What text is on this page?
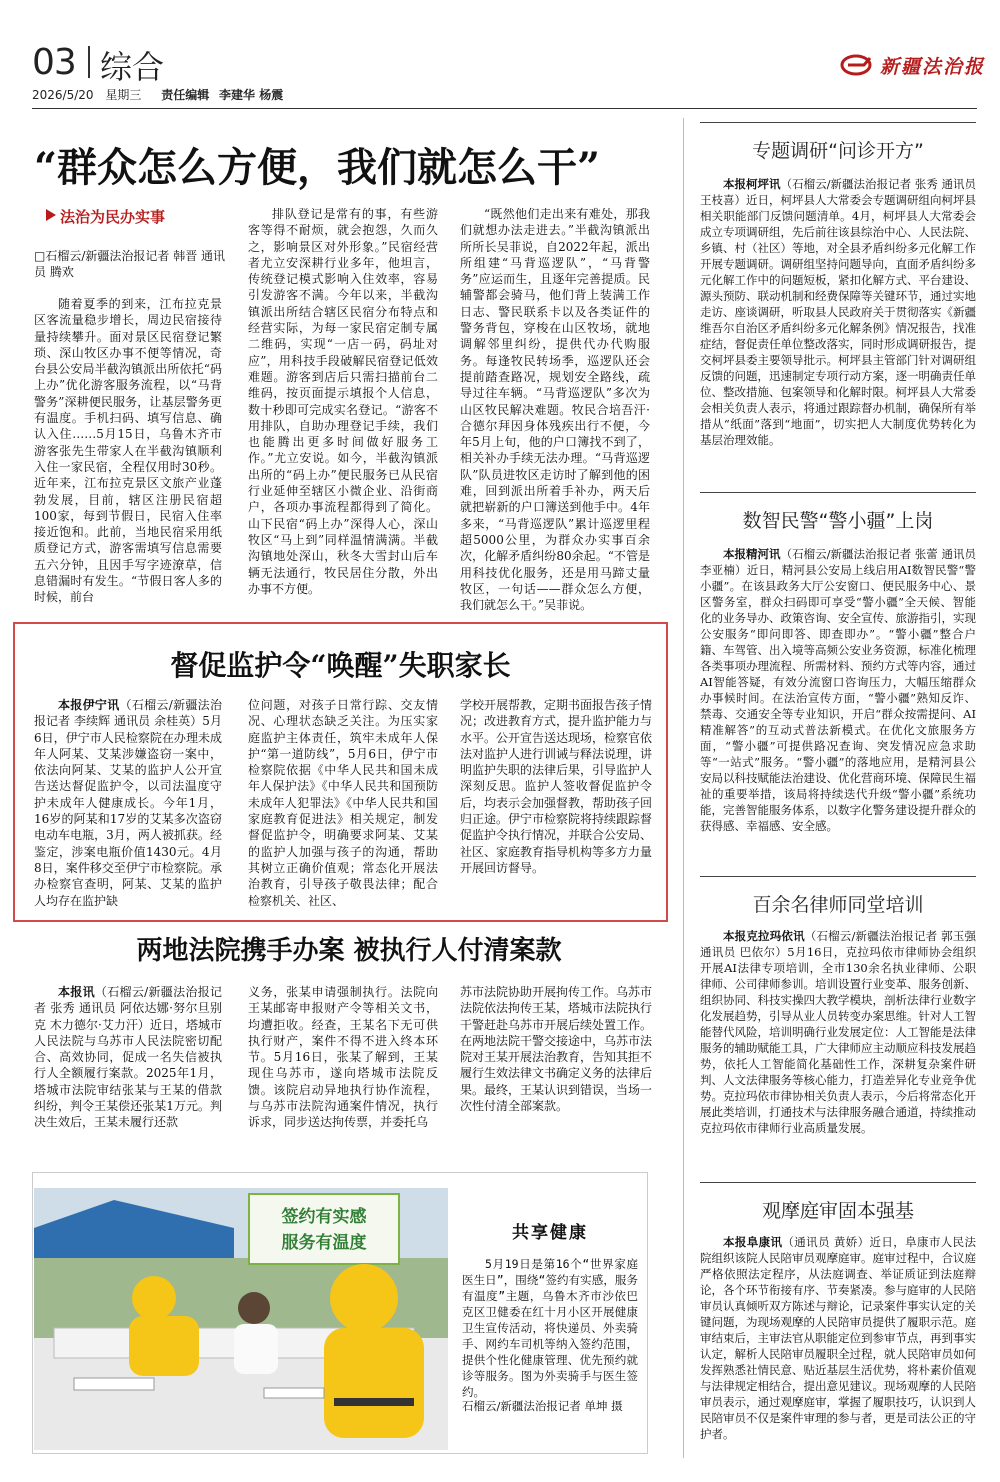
03 综合
2026/5/20 星期三 责任编辑 李建华 杨震
新疆法治报
“群众怎么方便，我们就怎么干”
法治为民办实事
□石榴云/新疆法治报记者 韩晋 通讯员 腾欢
随着夏季的到来，江布拉克景区客流量稳步增长，周边民宿接待量持续攀升。面对景区民宿登记繁琐、深山牧区办事不便等情况，奇台县公安局半截沟镇派出所依托“码上办”优化游客服务流程，以“马背警务”深耕便民服务，让基层警务更有温度。手机扫码、填写信息、确认入住……5月15日，乌鲁木齐市游客张先生带家人在半截沟镇顺利入住一家民宿，全程仅用时30秒。近年来，江布拉克景区文旅产业蓬勃发展，目前，辖区注册民宿超100家，每到节假日，民宿入住率接近饱和。此前，当地民宿采用纸质登记方式，游客需填写信息需要五六分钟，且因手写字迹潦草，信息错漏时有发生。“节假日客人多的时候，前台
排队登记是常有的事，有些游客等得不耐烦，就会抱怨，久而久之，影响景区对外形象。”民宿经营者尤立安深耕行业多年，他坦言，传统登记模式影响入住效率，容易引发游客不满。今年以来，半截沟镇派出所结合辖区民宿分布特点和经营实际，为每一家民宿定制专属二维码，实现“一店一码，码址对应”，用科技手段破解民宿登记低效难题。游客到店后只需扫描前台二维码，按页面提示填报个人信息，数十秒即可完成实名登记。“游客不用排队，自助办理登记手续，我们也能腾出更多时间做好服务工作。”尤立安说。如今，半截沟镇派出所的“码上办”便民服务已从民宿行业延伸至辖区小微企业、沿街商户，各项办事流程都得到了简化。山下民宿“码上办”深得人心，深山牧区“马上到”同样温情满满。半截沟镇地处深山，秋冬大雪封山后车辆无法通行，牧民居住分散，外出办事不方便。
“既然他们走出来有难处，那我们就想办法走进去。”半截沟镇派出所所长吴菲说，自2022年起，派出所组建“马背巡逻队”，“马背警务”应运而生，且逐年完善提质。民辅警都会骑马，他们背上装满工作日志、警民联系卡以及各类证件的警务背包，穿梭在山区牧场，就地调解邻里纠纷，提供代办代购服务。每逢牧民转场季，巡逻队还会提前踏查路况，规划安全路线，疏导过往车辆。“马背巡逻队”多次为山区牧民解决难题。牧民合培吾汗·合德尔拜因身体残疾出行不便，今年5月上旬，他的户口簿找不到了，相关补办手续无法办理。“马背巡逻队”队员进牧区走访时了解到他的困难，回到派出所着手补办，两天后就把崭新的户口簿送到他手中。4年多来，“马背巡逻队”累计巡逻里程超5000公里，为群众办实事百余次，化解矛盾纠纷80余起。“不管是用科技优化服务，还是用马蹄丈量牧区，一句话——群众怎么方便，我们就怎么干。”吴菲说。
督促监护令“唤醒”失职家长
本报伊宁讯（石榴云/新疆法治报记者 李续辉 通讯员 余桂英）5月6日，伊宁市人民检察院在办理未成年人阿某、艾某涉嫌盗窃一案中，依法向阿某、艾某的监护人公开宣告送达督促监护令，以司法温度守护未成年人健康成长。今年1月，16岁的阿某和17岁的艾某多次盗窃电动车电瓶，3月，两人被抓获。经鉴定，涉案电瓶价值1430元。4月8日，案件移交至伊宁市检察院。承办检察官查明，阿某、艾某的监护人均存在监护缺
位问题，对孩子日常行踪、交友情况、心理状态缺乏关注。为压实家庭监护主体责任，筑牢未成年人保护“第一道防线”，5月6日，伊宁市检察院依据《中华人民共和国未成年人保护法》《中华人民共和国预防未成年人犯罪法》《中华人民共和国家庭教育促进法》相关规定，制发督促监护令，明确要求阿某、艾某的监护人加强与孩子的沟通，帮助其树立正确价值观；常态化开展法治教育，引导孩子敬畏法律；配合检察机关、社区、
学校开展帮教，定期书面报告孩子情况；改进教育方式，提升监护能力与水平。公开宣告送达现场，检察官依法对监护人进行训诫与释法说理，讲明监护失职的法律后果，引导监护人深刻反思。监护人签收督促监护令后，均表示会加强督教，帮助孩子回归正途。伊宁市检察院将持续跟踪督促监护令执行情况，并联合公安局、社区、家庭教育指导机构等多方力量开展回访督导。
两地法院携手办案 被执行人付清案款
本报讯（石榴云/新疆法治报记者 张秀 通讯员 阿依达娜·努尔旦别克 木力德尔·艾力汗）近日，塔城市人民法院与乌苏市人民法院密切配合、高效协同，促成一名失信被执行人全额履行案款。2025年1月，塔城市法院审结张某与王某的借款纠纷，判令王某偿还张某1万元。判决生效后，王某未履行还款
义务，张某申请强制执行。法院向王某邮寄申报财产令等相关文书，均遭拒收。经查，王某名下无可供执行财产，案件不得不进入终本环节。5月16日，张某了解到，王某现住乌苏市，遂向塔城市法院反馈。该院启动异地执行协作流程，与乌苏市法院沟通案件情况，执行诉求，同步送达拘传票，并委托乌
苏市法院协助开展拘传工作。乌苏市法院依法拘传王某，塔城市法院执行干警赶赴乌苏市开展后续处置工作。在两地法院干警交接途中，乌苏市法院对王某开展法治教育，告知其拒不履行生效法律文书确定义务的法律后果。最终，王某认识到错误，当场一次性付清全部案款。
签约有实感
服务有温度	共享健康
5月19日是第16个“世界家庭医生日”，围绕“签约有实感，服务有温度”主题，乌鲁木齐市沙依巴克区卫健委在红十月小区开展健康卫生宣传活动，将快递员、外卖骑手、网约车司机等纳入签约范围，提供个性化健康管理、优先预约就诊等服务。图为外卖骑手与医生签约。
石榴云/新疆法治报记者 单坤 摄
专题调研“问诊开方”
本报柯坪讯（石榴云/新疆法治报记者 张秀 通讯员 王枝喜）近日，柯坪县人大常委会专题调研组向柯坪县相关职能部门反馈问题清单。4月，柯坪县人大常委会成立专项调研组，先后前往该县综治中心、人民法院、乡镇、村（社区）等地，对全县矛盾纠纷多元化解工作开展专题调研。调研组坚持问题导向，直面矛盾纠纷多元化解工作中的问题短板，紧扣化解方式、平台建设、源头预防、联动机制和经费保障等关键环节，通过实地走访、座谈调研，听取县人民政府关于贯彻落实《新疆维吾尔自治区矛盾纠纷多元化解条例》情况报告，找准症结，督促责任单位整改落实，同时形成调研报告，提交柯坪县委主要领导批示。柯坪县主管部门针对调研组反馈的问题，迅速制定专项行动方案，逐一明确责任单位、整改措施、包案领导和化解时限。柯坪县人大常委会相关负责人表示，将通过跟踪督办机制，确保所有举措从“纸面”落到“地面”，切实把人大制度优势转化为基层治理效能。
数智民警“警小疆”上岗
本报精河讯（石榴云/新疆法治报记者 张蕾 通讯员 李亚楠）近日，精河县公安局上线启用AI数智民警“警小疆”。在该县政务大厅公安窗口、便民服务中心、景区警务室，群众扫码即可享受“警小疆”全天候、智能化的业务导办、政策咨询、安全宣传、旅游指引，实现公安服务“即问即答、即查即办”。“警小疆”整合户籍、车驾管、出入境等高频公安业务资源，标准化梳理各类事项办理流程、所需材料、预约方式等内容，通过AI智能答疑，有效分流窗口咨询压力，大幅压缩群众办事候时间。在法治宣传方面，“警小疆”熟知反诈、禁毒、交通安全等专业知识，开启“群众按需提问、AI精准解答”的互动式普法新模式。在优化文旅服务方面，“警小疆”可提供路况查询、突发情况应急求助等“一站式”服务。“警小疆”的落地应用，是精河县公安局以科技赋能法治建设、优化营商环境、保障民生福祉的重要举措，该局将持续迭代升级“警小疆”系统功能，完善智能服务体系，以数字化警务建设提升群众的获得感、幸福感、安全感。
百余名律师同堂培训
本报克拉玛依讯（石榴云/新疆法治报记者 郭玉强 通讯员 巴依尔）5月16日，克拉玛依市律师协会组织开展AI法律专项培训，全市130余名执业律师、公职律师、公司律师参训。培训设置行业变革、服务创新、组织协同、科技实操四大教学模块，剖析法律行业数字化发展趋势，引导从业人员转变办案思维。针对人工智能替代风险，培训明确行业发展定位：人工智能是法律服务的辅助赋能工具，广大律师应主动顺应科技发展趋势，依托人工智能简化基础性工作，深耕复杂案件研判、人文法律服务等核心能力，打造差异化专业竞争优势。克拉玛依市律协相关负责人表示，今后将常态化开展此类培训，打通技术与法律服务融合通道，持续推动克拉玛依市律师行业高质量发展。
观摩庭审固本强基
本报阜康讯（通讯员 黄娇）近日，阜康市人民法院组织该院人民陪审员观摩庭审。庭审过程中，合议庭严格依照法定程序，从法庭调查、举证质证到法庭辩论，各个环节衔接有序、节奏紧凑。参与庭审的人民陪审员认真倾听双方陈述与辩论，记录案件事实认定的关键问题，为现场观摩的人民陪审员提供了履职示范。庭审结束后，主审法官从职能定位到参审节点，再到事实认定，解析人民陪审员履职全过程，就人民陪审员如何发挥熟悉社情民意、贴近基层生活优势，将朴素价值观与法律规定相结合，提出意见建议。现场观摩的人民陪审员表示，通过观摩庭审，掌握了履职技巧，认识到人民陪审员不仅是案件审理的参与者，更是司法公正的守护者。
